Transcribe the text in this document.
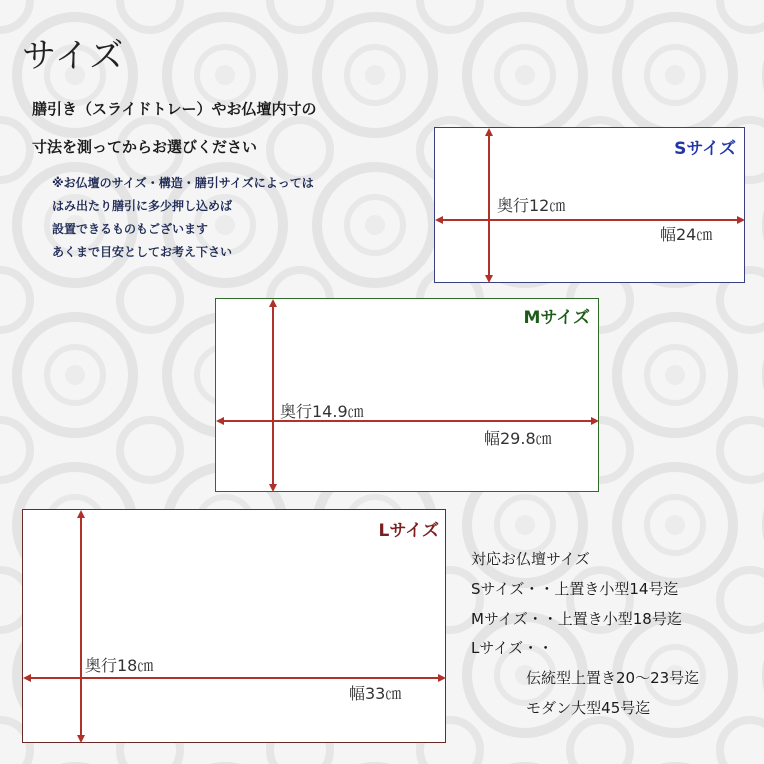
サイズ
膳引き（スライドトレー）やお仏壇内寸の
寸法を測ってからお選びください
※お仏壇のサイズ・構造・膳引サイズによっては
はみ出たり膳引に多少押し込めば
設置できるものもございます
あくまで目安としてお考え下さい
Sサイズ
奥行12㎝
幅24㎝
Mサイズ
奥行14.9㎝
幅29.8㎝
Lサイズ
奥行18㎝
幅33㎝
対応お仏壇サイズ
Sサイズ・・上置き小型14号迄
Mサイズ・・上置き小型18号迄
Lサイズ・・
伝統型上置き20～23号迄
モダン大型45号迄
